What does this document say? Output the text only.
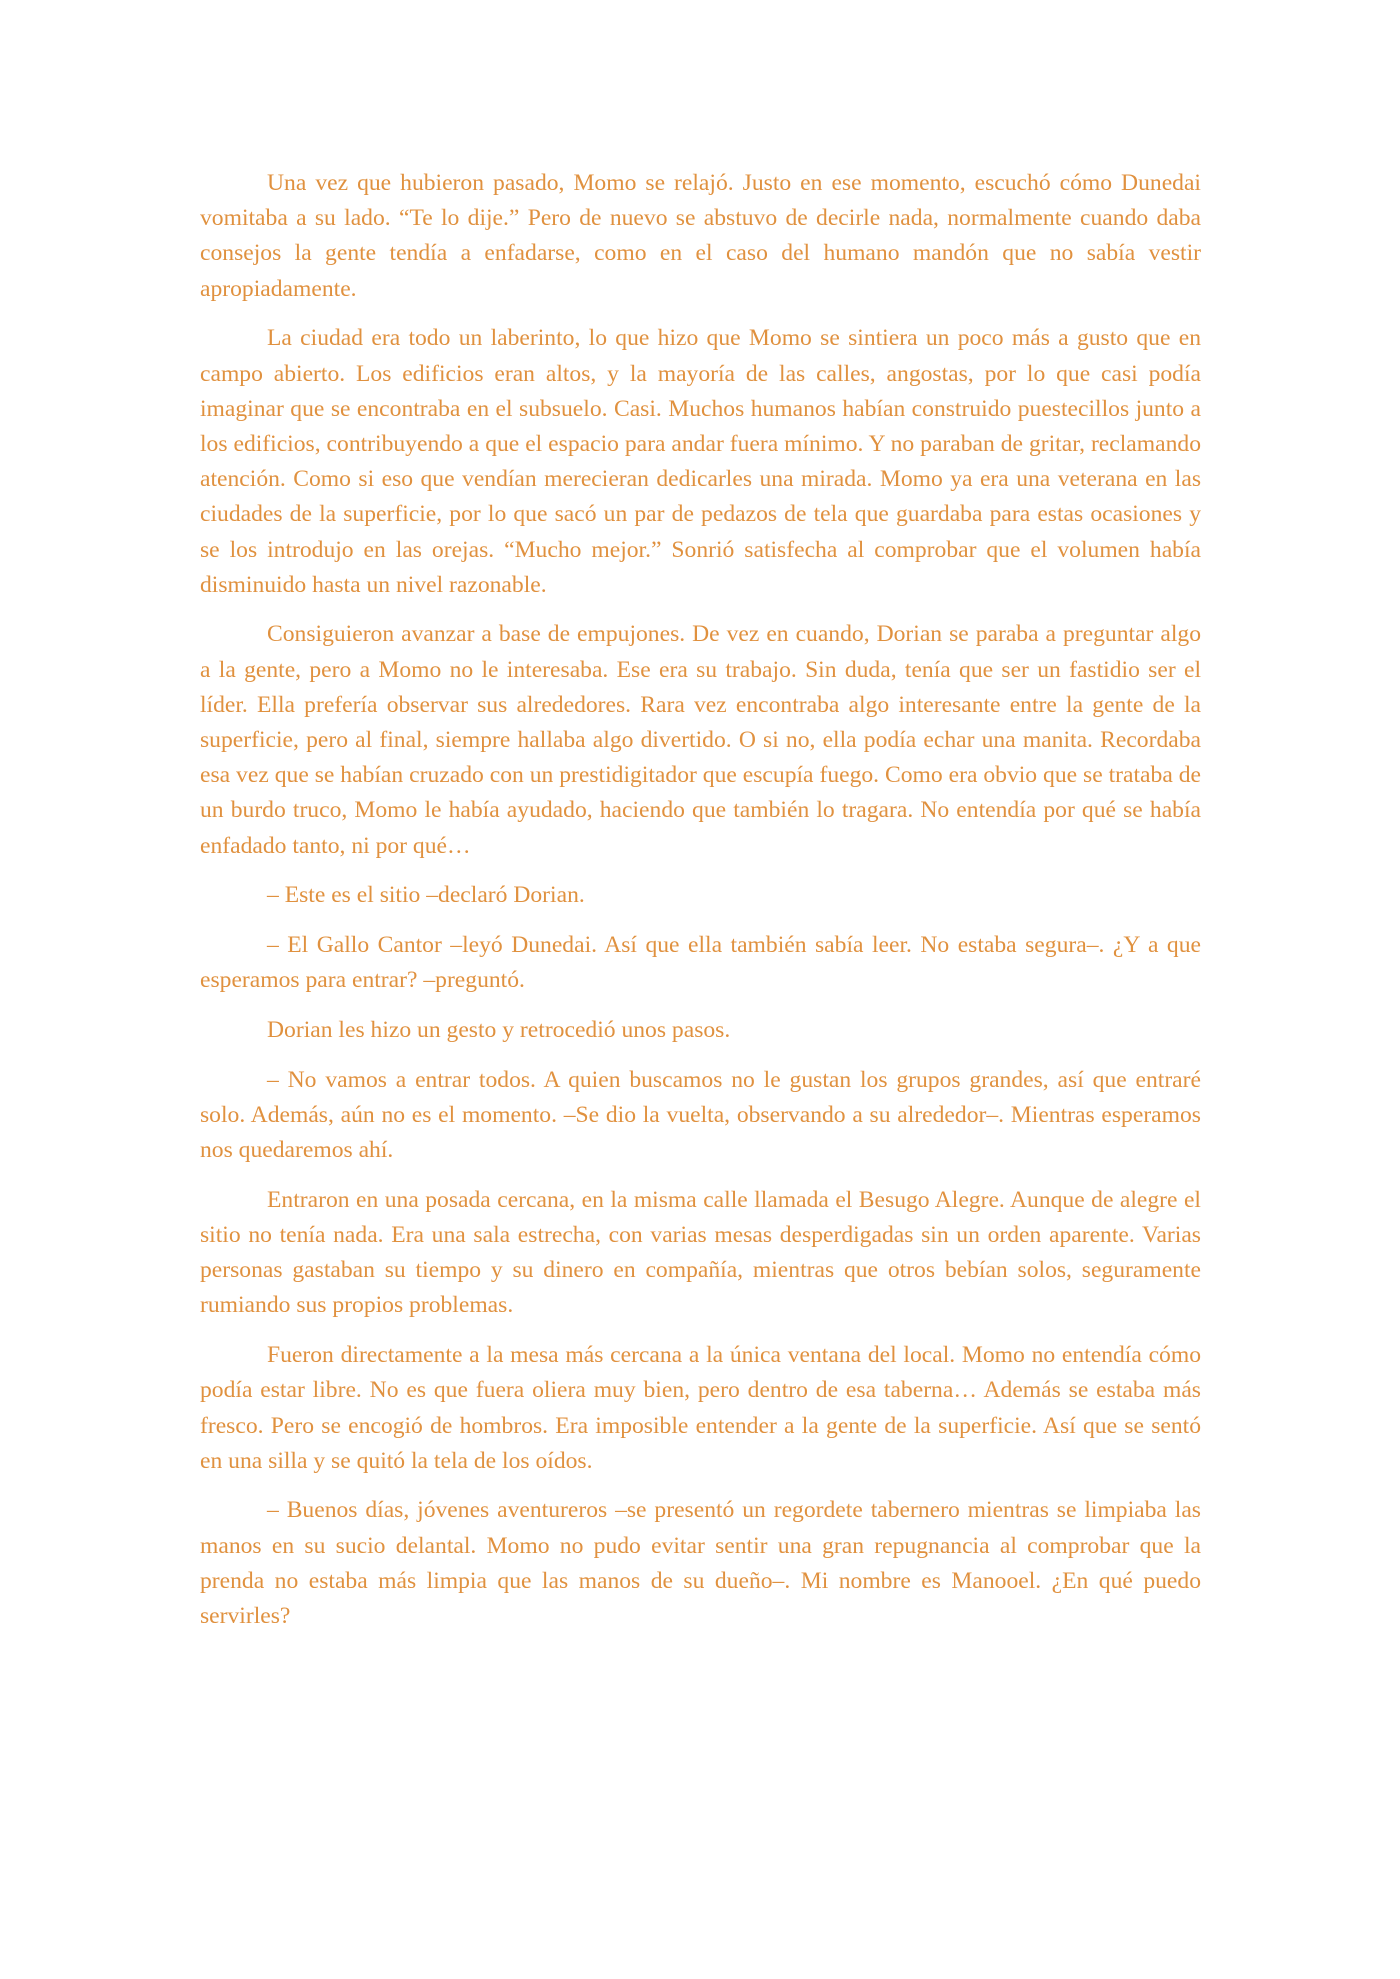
Una vez que hubieron pasado, Momo se relajó. Justo en ese momento, escuchó cómo Dunedai vomitaba a su lado. “Te lo dije.” Pero de nuevo se abstuvo de decirle nada, normalmente cuando daba consejos la gente tendía a enfadarse, como en el caso del humano mandón que no sabía vestir apropiadamente.

La ciudad era todo un laberinto, lo que hizo que Momo se sintiera un poco más a gusto que en campo abierto. Los edificios eran altos, y la mayoría de las calles, angostas, por lo que casi podía imaginar que se encontraba en el subsuelo. Casi. Muchos humanos habían construido puestecillos junto a los edificios, contribuyendo a que el espacio para andar fuera mínimo. Y no paraban de gritar, reclamando atención. Como si eso que vendían merecieran dedicarles una mirada. Momo ya era una veterana en las ciudades de la superficie, por lo que sacó un par de pedazos de tela que guardaba para estas ocasiones y se los introdujo en las orejas. “Mucho mejor.” Sonrió satisfecha al comprobar que el volumen había disminuido hasta un nivel razonable.

Consiguieron avanzar a base de empujones. De vez en cuando, Dorian se paraba a preguntar algo a la gente, pero a Momo no le interesaba. Ese era su trabajo. Sin duda, tenía que ser un fastidio ser el líder. Ella prefería observar sus alrededores. Rara vez encontraba algo interesante entre la gente de la superficie, pero al final, siempre hallaba algo divertido. O si no, ella podía echar una manita. Recordaba esa vez que se habían cruzado con un prestidigitador que escupía fuego. Como era obvio que se trataba de un burdo truco, Momo le había ayudado, haciendo que también lo tragara. No entendía por qué se había enfadado tanto, ni por qué…

– Este es el sitio –declaró Dorian.

– El Gallo Cantor –leyó Dunedai. Así que ella también sabía leer. No estaba segura–. ¿Y a que esperamos para entrar? –preguntó.

Dorian les hizo un gesto y retrocedió unos pasos.

– No vamos a entrar todos. A quien buscamos no le gustan los grupos grandes, así que entraré solo. Además, aún no es el momento. –Se dio la vuelta, observando a su alrededor–. Mientras esperamos nos quedaremos ahí.

Entraron en una posada cercana, en la misma calle llamada el Besugo Alegre. Aunque de alegre el sitio no tenía nada. Era una sala estrecha, con varias mesas desperdigadas sin un orden aparente. Varias personas gastaban su tiempo y su dinero en compañía, mientras que otros bebían solos, seguramente rumiando sus propios problemas.

Fueron directamente a la mesa más cercana a la única ventana del local. Momo no entendía cómo podía estar libre. No es que fuera oliera muy bien, pero dentro de esa taberna… Además se estaba más fresco. Pero se encogió de hombros. Era imposible entender a la gente de la superficie. Así que se sentó en una silla y se quitó la tela de los oídos.

– Buenos días, jóvenes aventureros –se presentó un regordete tabernero mientras se limpiaba las manos en su sucio delantal. Momo no pudo evitar sentir una gran repugnancia al comprobar que la prenda no estaba más limpia que las manos de su dueño–. Mi nombre es Manooel. ¿En qué puedo servirles?
